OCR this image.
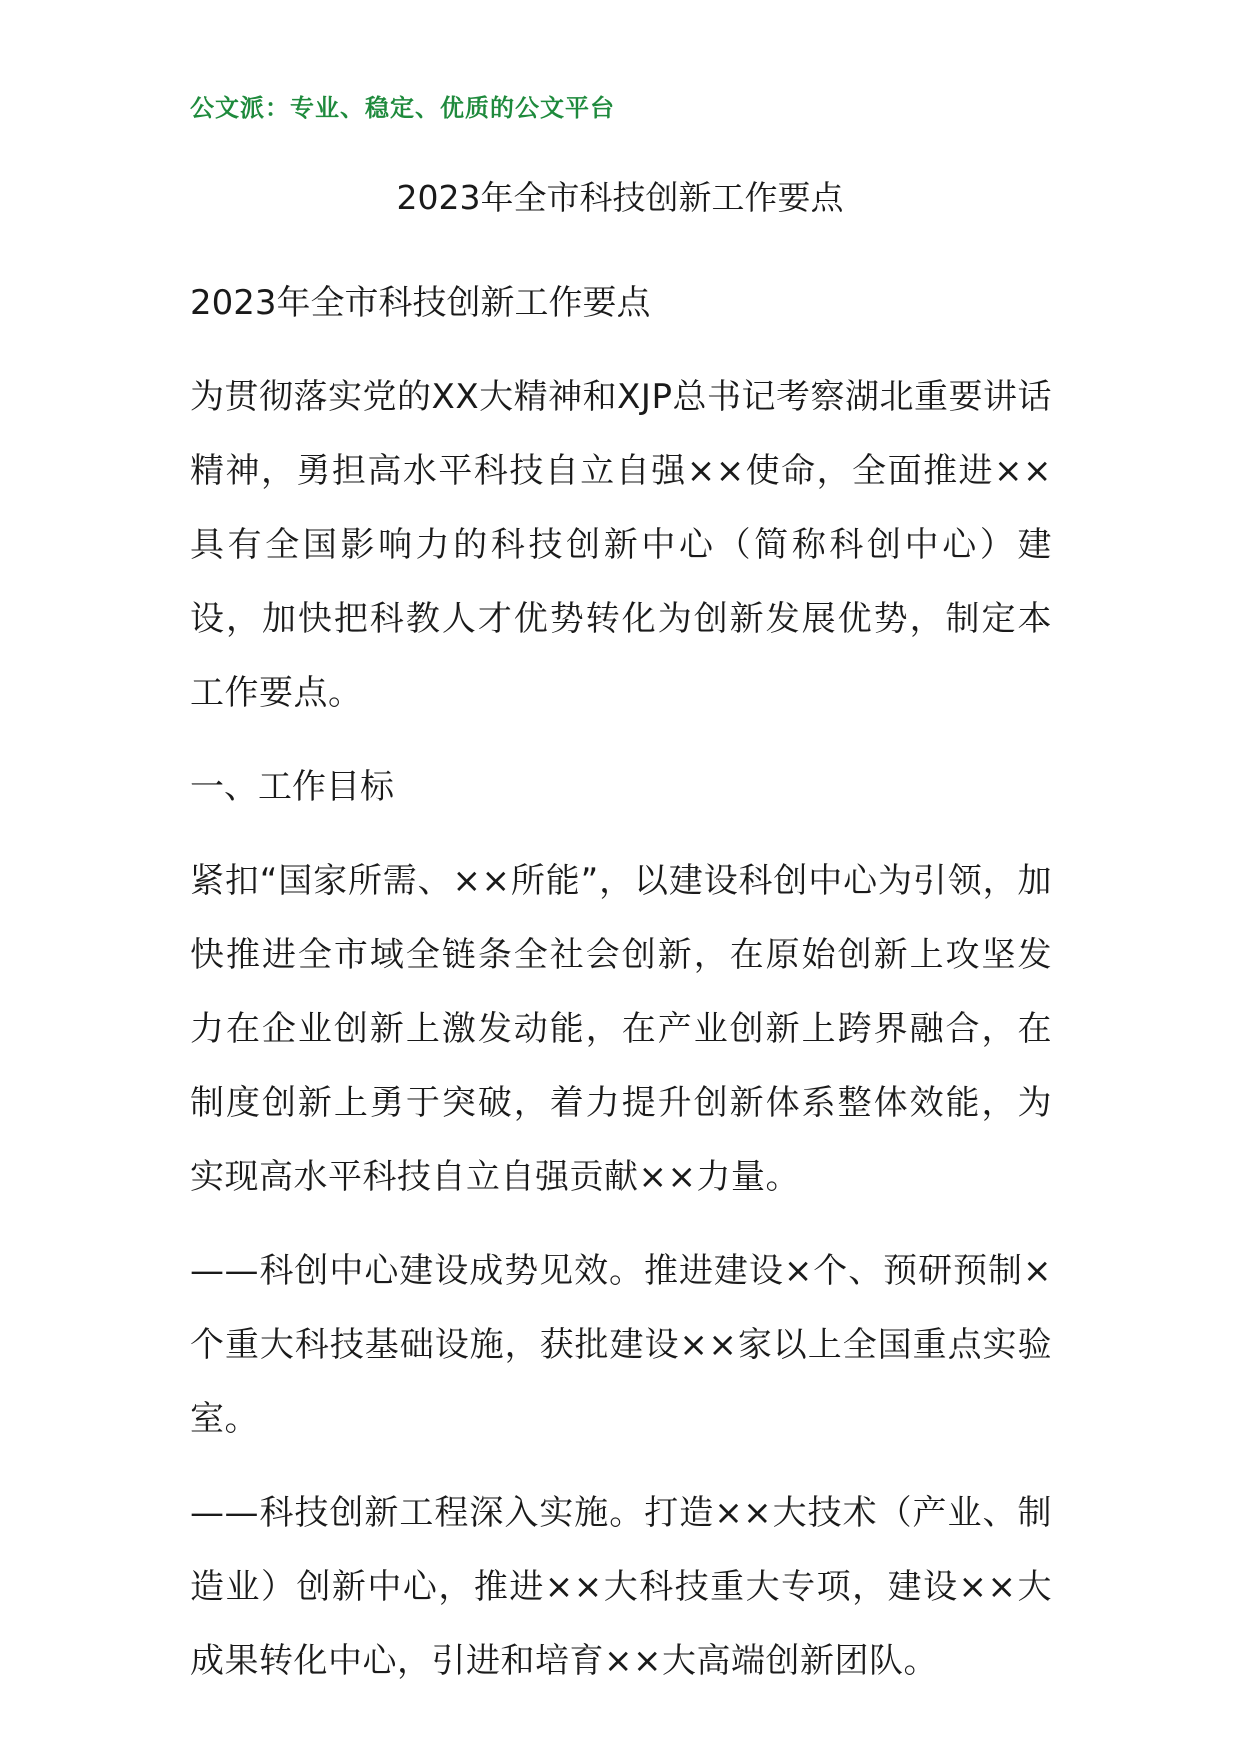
公文派：专业、稳定、优质的公文平台
2023年全市科技创新工作要点

2023年全市科技创新工作要点

为贯彻落实党的XX大精神和XJP总书记考察湖北重要讲话精神，勇担高水平科技自立自强××使命，全面推进××具有全国影响力的科技创新中心（简称科创中心）建设，加快把科教人才优势转化为创新发展优势，制定本工作要点。

一、工作目标

紧扣“国家所需、××所能”，以建设科创中心为引领，加快推进全市域全链条全社会创新，在原始创新上攻坚发力在企业创新上激发动能，在产业创新上跨界融合，在制度创新上勇于突破，着力提升创新体系整体效能，为实现高水平科技自立自强贡献××力量。

——科创中心建设成势见效。推进建设×个、预研预制×个重大科技基础设施，获批建设××家以上全国重点实验室。

——科技创新工程深入实施。打造××大技术（产业、制造业）创新中心，推进××大科技重大专项，建设××大成果转化中心，引进和培育××大高端创新团队。
